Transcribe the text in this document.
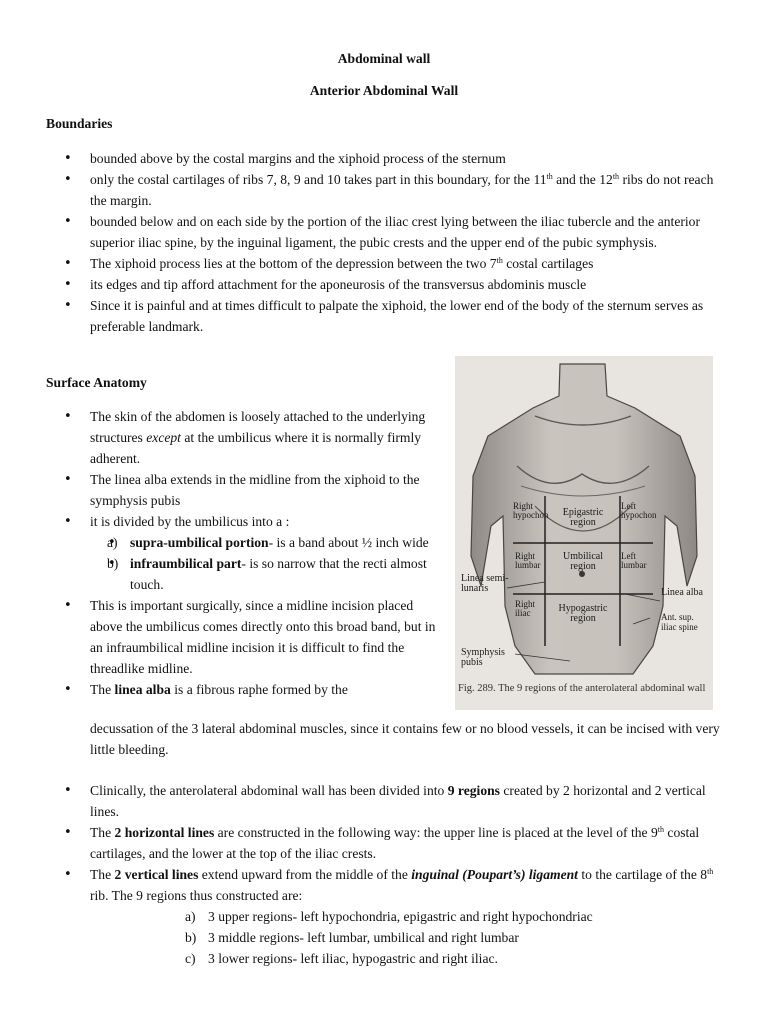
Abdominal wall
Anterior Abdominal Wall
Boundaries
• bounded above by the costal margins and the xiphoid process of the sternum
• only the costal cartilages of ribs 7, 8, 9 and 10 takes part in this boundary, for the 11th and the 12th ribs do not reach the margin.
• bounded below and on each side by the portion of the iliac crest lying between the iliac tubercle and the anterior superior iliac spine, by the inguinal ligament, the pubic crests and the upper end of the pubic symphysis.
• The xiphoid process lies at the bottom of the depression between the two 7th costal cartilages
• its edges and tip afford attachment for the aponeurosis of the transversus abdominis muscle
• Since it is painful and at times difficult to palpate the xiphoid, the lower end of the body of the sternum serves as preferable landmark.
Surface Anatomy
• The skin of the abdomen is loosely attached to the underlying structures except at the umbilicus where it is normally firmly adherent.
• The linea alba extends in the midline from the xiphoid to the symphysis pubis
• it is divided by the umbilicus into a :
• a) supra-umbilical portion- is a band about ½ inch wide
• b) infraumbilical part- is so narrow that the recti almost touch.
• This is important surgically, since a midline incision placed above the umbilicus comes directly onto this broad band, but in an infraumbilical midline incision it is difficult to find the threadlike midline.
• The linea alba is a fibrous raphe formed by the
decussation of the 3 lateral abdominal muscles, since it contains few or no blood vessels, it can be incised with very little bleeding.
• Clinically, the anterolateral abdominal wall has been divided into 9 regions created by 2 horizontal and 2 vertical lines.
• The 2 horizontal lines are constructed in the following way: the upper line is placed at the level of the 9th costal cartilages, and the lower at the top of the iliac crests.
• The 2 vertical lines extend upward from the middle of the inguinal (Poupart’s) ligament to the cartilage of the 8th rib. The 9 regions thus constructed are:
a) 3 upper regions- left hypochondria, epigastric and right hypochondriac
b) 3 middle regions- left lumbar, umbilical and right lumbar
c) 3 lower regions- left iliac, hypogastric and right iliac.
Right hypochon	Epigastric region
Left hypochon
Right lumbar
Umbilical region
Left lumbar
Linea semi-lunaris
Right iliac	Hypogastric region
Linea alba
Ant. sup. iliac spine
Symphysis pubis
Fig. 289. The 9 regions of the anterolateral abdominal wall
